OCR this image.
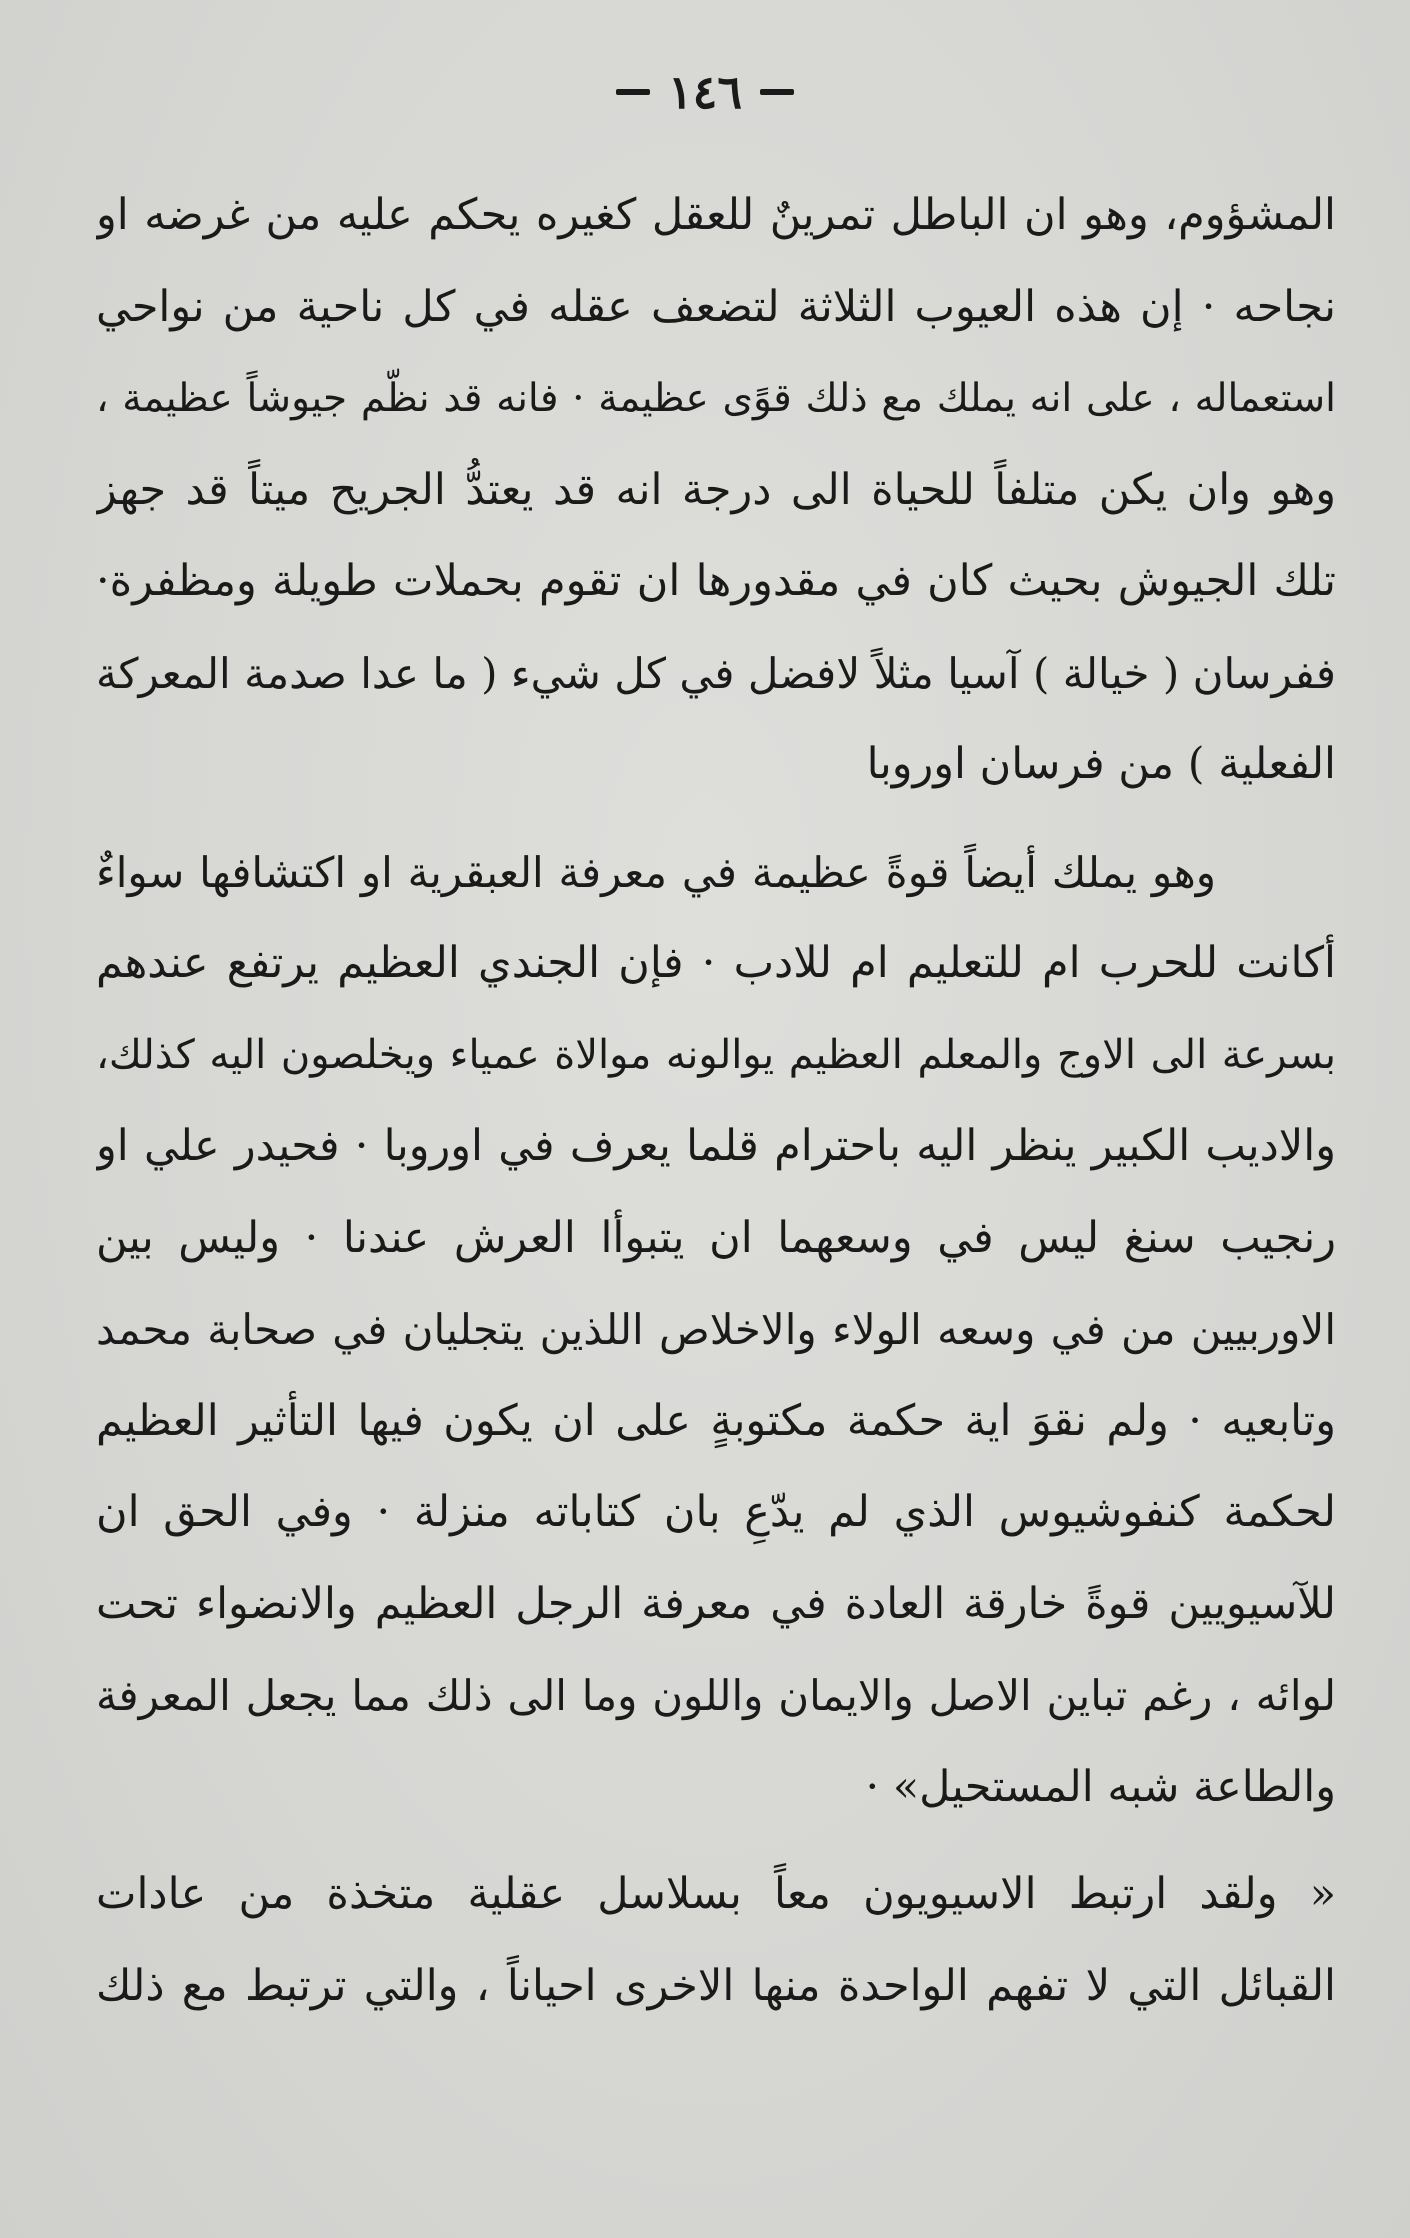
١٤٦
المشؤوم، وهو ان الباطل تمرينٌ للعقل كغيره يحكم عليه من غرضه او
نجاحه · إن هذه العيوب الثلاثة لتضعف عقله في كل ناحية من نواحي
استعماله ، على انه يملك مع ذلك قوًى عظيمة · فانه قد نظّم جيوشاً عظيمة ،
وهو وان يكن متلفاً للحياة الى درجة انه قد يعتدُّ الجريح ميتاً قد جهز
تلك الجيوش بحيث كان في مقدورها ان تقوم بحملات طويلة ومظفرة·
ففرسان ( خيالة ) آسيا مثلاً لافضل في كل شيء ( ما عدا صدمة المعركة
الفعلية ) من فرسان اوروبا
وهو يملك أيضاً قوةً عظيمة في معرفة العبقرية او اكتشافها سواءٌ
أكانت للحرب ام للتعليم ام للادب · فإن الجندي العظيم يرتفع عندهم
بسرعة الى الاوج والمعلم العظيم يوالونه موالاة عمياء ويخلصون اليه كذلك،
والاديب الكبير ينظر اليه باحترام قلما يعرف في اوروبا · فحيدر علي او
رنجيب سنغ ليس في وسعهما ان يتبوأا العرش عندنا · وليس بين
الاوربيين من في وسعه الولاء والاخلاص اللذين يتجليان في صحابة محمد
وتابعيه · ولم نقوَ اية حكمة مكتوبةٍ على ان يكون فيها التأثير العظيم
لحكمة كنفوشيوس الذي لم يدّعِ بان كتاباته منزلة · وفي الحق ان
للآسيويين قوةً خارقة العادة في معرفة الرجل العظيم والانضواء تحت
لوائه ، رغم تباين الاصل والايمان واللون وما الى ذلك مما يجعل المعرفة
والطاعة شبه المستحيل» ·
« ولقد ارتبط الاسيويون معاً بسلاسل عقلية متخذة من عادات
القبائل التي لا تفهم الواحدة منها الاخرى احياناً ، والتي ترتبط مع ذلك
